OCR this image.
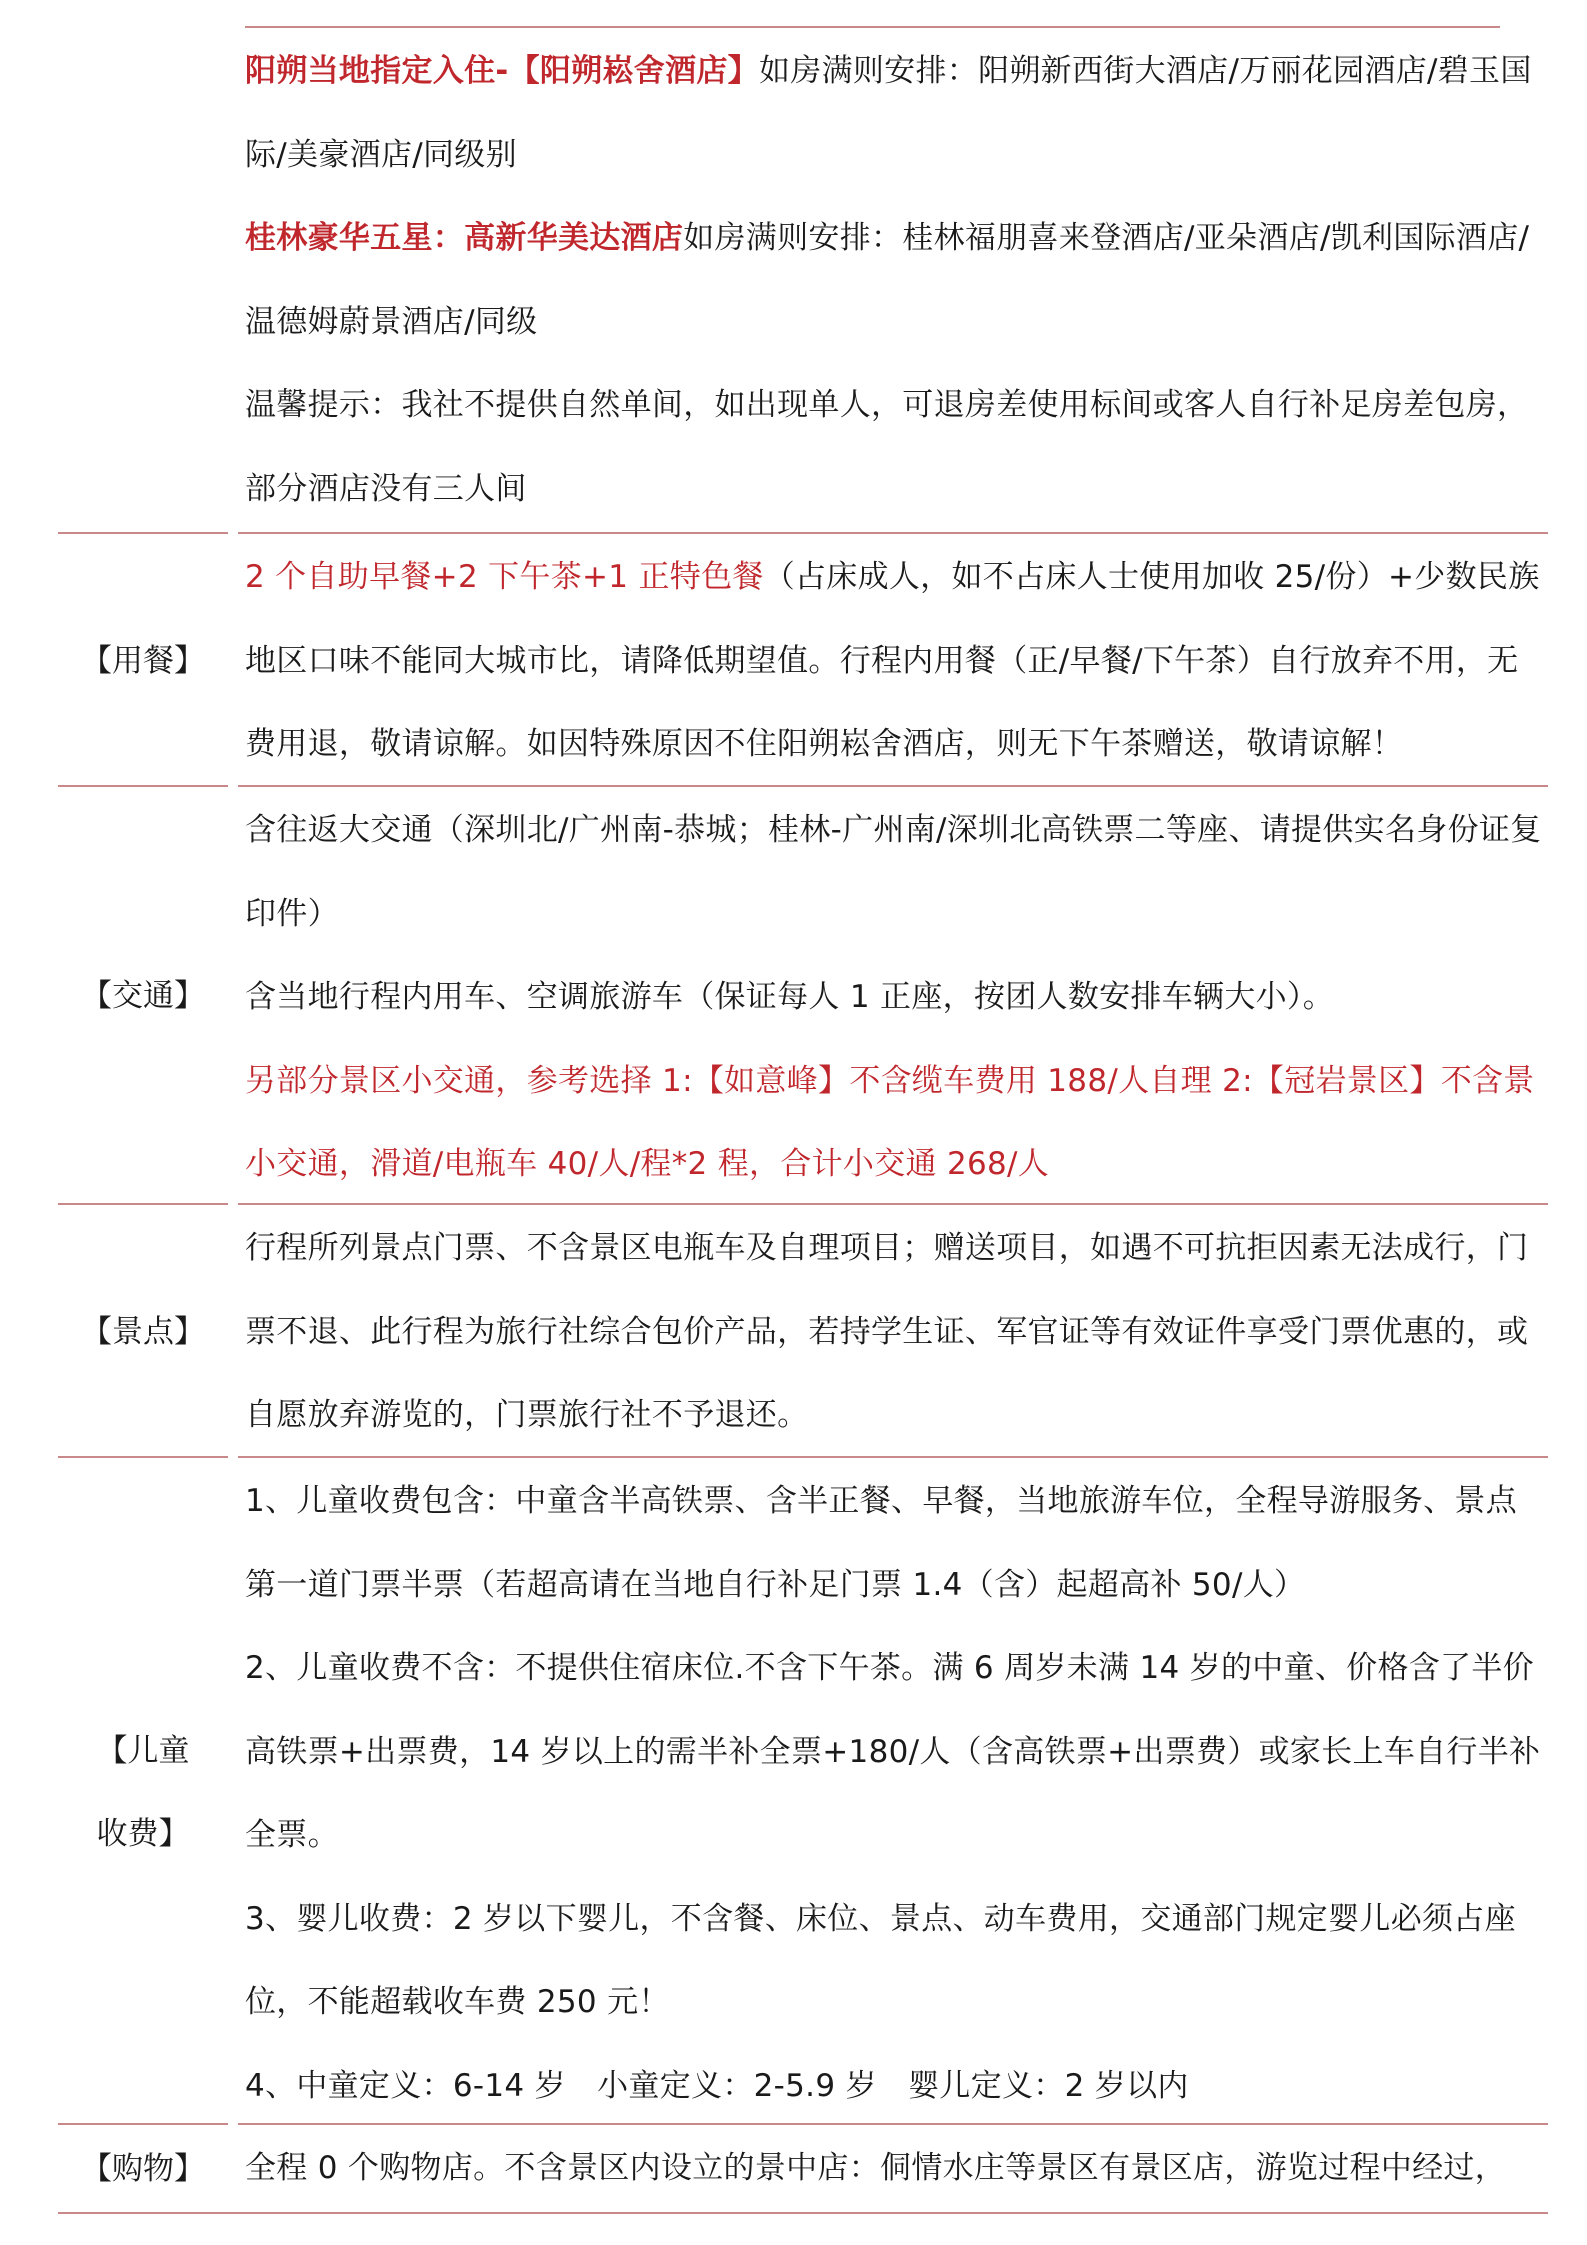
阳朔当地指定入住-【阳朔崧舍酒店】如房满则安排：阳朔新西街大酒店/万丽花园酒店/碧玉国际/美豪酒店/同级别

桂林豪华五星：高新华美达酒店如房满则安排：桂林福朋喜来登酒店/亚朵酒店/凯利国际酒店/温德姆蔚景酒店/同级

温馨提示：我社不提供自然单间，如出现单人，可退房差使用标间或客人自行补足房差包房，部分酒店没有三人间

【用餐】

2 个自助早餐+2 下午茶+1 正特色餐（占床成人，如不占床人士使用加收 25/份）+少数民族地区口味不能同大城市比，请降低期望值。行程内用餐（正/早餐/下午茶）自行放弃不用，无费用退，敬请谅解。如因特殊原因不住阳朔崧舍酒店，则无下午茶赠送，敬请谅解！

【交通】

含往返大交通（深圳北/广州南-恭城；桂林-广州南/深圳北高铁票二等座、请提供实名身份证复印件）

含当地行程内用车、空调旅游车（保证每人 1 正座，按团人数安排车辆大小）。

另部分景区小交通，参考选择 1:【如意峰】不含缆车费用 188/人自理 2:【冠岩景区】不含景小交通，滑道/电瓶车 40/人/程*2 程，合计小交通 268/人

【景点】

行程所列景点门票、不含景区电瓶车及自理项目；赠送项目，如遇不可抗拒因素无法成行，门票不退、此行程为旅行社综合包价产品，若持学生证、军官证等有效证件享受门票优惠的，或自愿放弃游览的，门票旅行社不予退还。

【儿童
收费】

1、儿童收费包含：中童含半高铁票、含半正餐、早餐，当地旅游车位，全程导游服务、景点第一道门票半票（若超高请在当地自行补足门票 1.4（含）起超高补 50/人）

2、儿童收费不含：不提供住宿床位.不含下午茶。满 6 周岁未满 14 岁的中童、价格含了半价高铁票+出票费，14 岁以上的需半补全票+180/人（含高铁票+出票费）或家长上车自行半补全票。

3、婴儿收费：2 岁以下婴儿，不含餐、床位、景点、动车费用，交通部门规定婴儿必须占座位，不能超载收车费 250 元！

4、中童定义：6-14 岁　小童定义：2-5.9 岁　婴儿定义：2 岁以内

【购物】 全程 0 个购物店。不含景区内设立的景中店：侗情水庄等景区有景区店，游览过程中经过，
